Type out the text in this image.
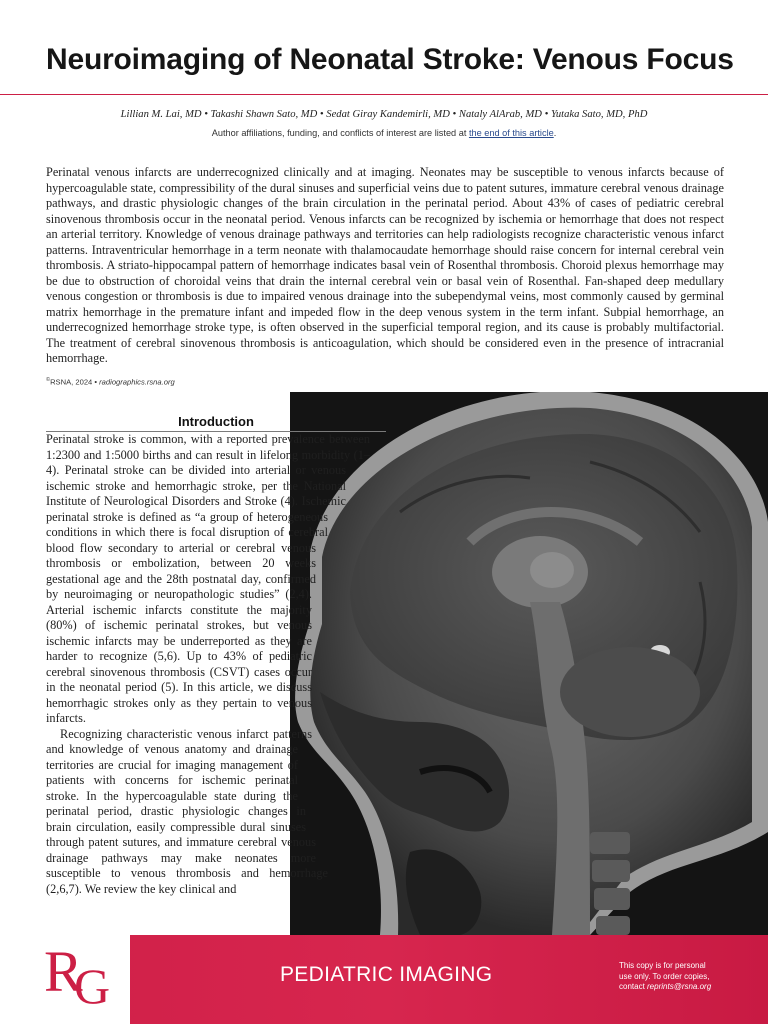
Neuroimaging of Neonatal Stroke: Venous Focus
Lillian M. Lai, MD • Takashi Shawn Sato, MD • Sedat Giray Kandemirli, MD • Nataly AlArab, MD • Yutaka Sato, MD, PhD
Author affiliations, funding, and conflicts of interest are listed at the end of this article.

Perinatal venous infarcts are underrecognized clinically and at imaging. Neonates may be susceptible to venous infarcts because of hypercoagulable state, compressibility of the dural sinuses and superficial veins due to patent sutures, immature cerebral venous drainage pathways, and drastic physiologic changes of the brain circulation in the perinatal period. About 43% of cases of pediatric cerebral sinovenous thrombosis occur in the neonatal period. Venous infarcts can be recognized by ischemia or hemorrhage that does not respect an arterial territory. Knowledge of venous drainage pathways and territories can help radiologists recognize characteristic venous infarct patterns. Intraventricular hemorrhage in a term neonate with thalamocaudate hemorrhage should raise concern for internal cerebral vein thrombosis. A striato-hippocampal pattern of hemorrhage indicates basal vein of Rosenthal thrombosis. Choroid plexus hemorrhage may be due to obstruction of choroidal veins that drain the internal cerebral vein or basal vein of Rosenthal. Fan-shaped deep medullary venous congestion or thrombosis is due to impaired venous drainage into the subependymal veins, most commonly caused by germinal matrix hemorrhage in the premature infant and impeded flow in the deep venous system in the term infant. Subpial hemorrhage, an underrecognized hemorrhage stroke type, is often observed in the superficial temporal region, and its cause is probably multifactorial. The treatment of cerebral sinovenous thrombosis is anticoagulation, which should be considered even in the presence of intracranial hemorrhage.

©RSNA, 2024 • radiographics.rsna.org
Introduction

Perinatal stroke is common, with a reported prevalence between 1:2300 and 1:5000 births and can result in lifelong morbidity (1–4). Perinatal stroke can be divided into arterial or venous ischemic stroke and hemorrhagic stroke, per the National Institute of Neurological Disorders and Stroke (4). Ischemic perinatal stroke is defined as “a group of heterogeneous conditions in which there is focal disruption of cerebral blood flow secondary to arterial or cerebral venous thrombosis or embolization, between 20 weeks gestational age and the 28th postnatal day, confirmed by neuroimaging or neuropathologic studies” (2,4). Arterial ischemic infarcts constitute the majority (80%) of ischemic perinatal strokes, but venous ischemic infarcts may be underreported as they are harder to recognize (5,6). Up to 43% of pediatric cerebral sinovenous thrombosis (CSVT) cases occur in the neonatal period (5). In this article, we discuss hemorrhagic strokes only as they pertain to venous infarcts.

Recognizing characteristic venous infarct patterns and knowledge of venous anatomy and drainage territories are crucial for imaging management of patients with concerns for ischemic perinatal stroke. In the hypercoagulable state during the perinatal period, drastic physiologic changes in brain circulation, easily compressible dural sinuses through patent sutures, and immature cerebral venous drainage pathways may make neonates more susceptible to venous thrombosis and hemorrhage (2,6,7). We review the key clinical and

R
G	PEDIATRIC IMAGING	This copy is for personal
use only. To order copies,
contact reprints@rsna.org
